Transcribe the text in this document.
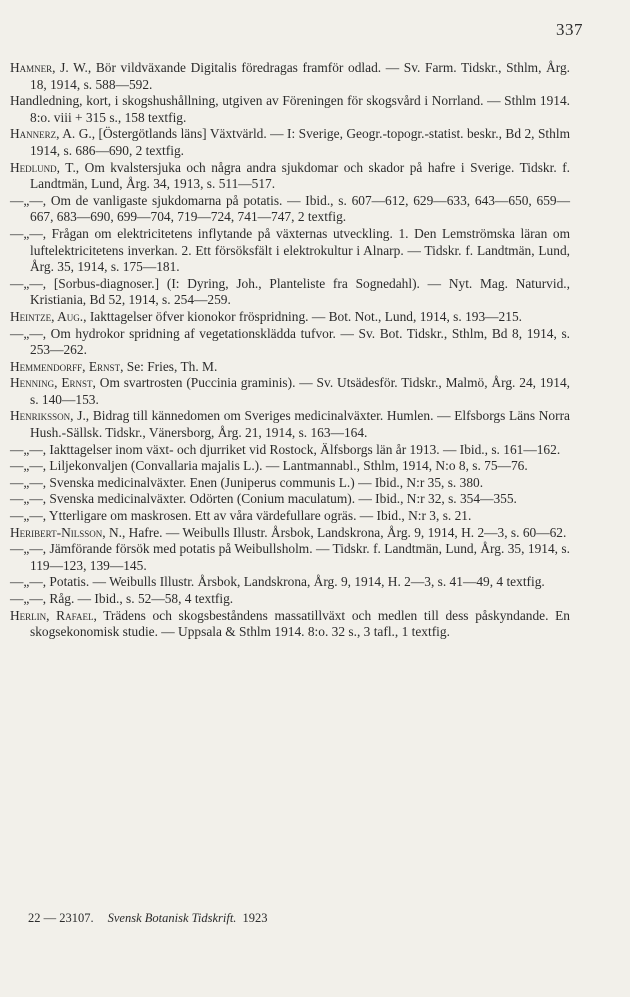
337
Hamner, J. W., Bör vildväxande Digitalis föredragas framför odlad. — Sv. Farm. Tidskr., Sthlm, Årg. 18, 1914, s. 588—592.
Handledning, kort, i skogshushållning, utgiven av Föreningen för skogsvård i Norrland. — Sthlm 1914. 8:o. viii + 315 s., 158 textfig.
Hannerz, A. G., [Östergötlands läns] Växtvärld. — I: Sverige, Geogr.-topogr.-statist. beskr., Bd 2, Sthlm 1914, s. 686—690, 2 textfig.
Hedlund, T., Om kvalstersjuka och några andra sjukdomar och skador på hafre i Sverige. Tidskr. f. Landtmän, Lund, Årg. 34, 1913, s. 511—517.
—„—, Om de vanligaste sjukdomarna på potatis. — Ibid., s. 607—612, 629—633, 643—650, 659—667, 683—690, 699—704, 719—724, 741—747, 2 textfig.
—„—, Frågan om elektricitetens inflytande på växternas utveckling. 1. Den Lemströmska läran om luftelektricitetens inverkan. 2. Ett försöksfält i elektrokultur i Alnarp. — Tidskr. f. Landtmän, Lund, Årg. 35, 1914, s. 175—181.
—„—, [Sorbus-diagnoser.] (I: Dyring, Joh., Planteliste fra Sognedahl). — Nyt. Mag. Naturvid., Kristiania, Bd 52, 1914, s. 254—259.
Heintze, Aug., Iakttagelser öfver kionokor fröspridning. — Bot. Not., Lund, 1914, s. 193—215.
—„—, Om hydrokor spridning af vegetationsklädda tufvor. — Sv. Bot. Tidskr., Sthlm, Bd 8, 1914, s. 253—262.
Hemmendorff, Ernst, Se: Fries, Th. M.
Henning, Ernst, Om svartrosten (Puccinia graminis). — Sv. Utsädesför. Tidskr., Malmö, Årg. 24, 1914, s. 140—153.
Henriksson, J., Bidrag till kännedomen om Sveriges medicinalväxter. Humlen. — Elfsborgs Läns Norra Hush.-Sällsk. Tidskr., Vänersborg, Årg. 21, 1914, s. 163—164.
—„—, Iakttagelser inom växt- och djurriket vid Rostock, Älfsborgs län år 1913. — Ibid., s. 161—162.
—„—, Liljekonvaljen (Convallaria majalis L.). — Lantmannabl., Sthlm, 1914, N:o 8, s. 75—76.
—„—, Svenska medicinalväxter. Enen (Juniperus communis L.) — Ibid., N:r 35, s. 380.
—„—, Svenska medicinalväxter. Odörten (Conium maculatum). — Ibid., N:r 32, s. 354—355.
—„—, Ytterligare om maskrosen. Ett av våra värdefullare ogräs. — Ibid., N:r 3, s. 21.
Heribert-Nilsson, N., Hafre. — Weibulls Illustr. Årsbok, Landskrona, Årg. 9, 1914, H. 2—3, s. 60—62.
—„—, Jämförande försök med potatis på Weibullsholm. — Tidskr. f. Landtmän, Lund, Årg. 35, 1914, s. 119—123, 139—145.
—„—, Potatis. — Weibulls Illustr. Årsbok, Landskrona, Årg. 9, 1914, H. 2—3, s. 41—49, 4 textfig.
—„—, Råg. — Ibid., s. 52—58, 4 textfig.
Herlin, Rafael, Trädens och skogsbeståndens massatillväxt och medlen till dess påskyndande. En skogsekonomisk studie. — Uppsala & Sthlm 1914. 8:o. 32 s., 3 tafl., 1 textfig.
22 — 23107. Svensk Botanisk Tidskrift. 1923
